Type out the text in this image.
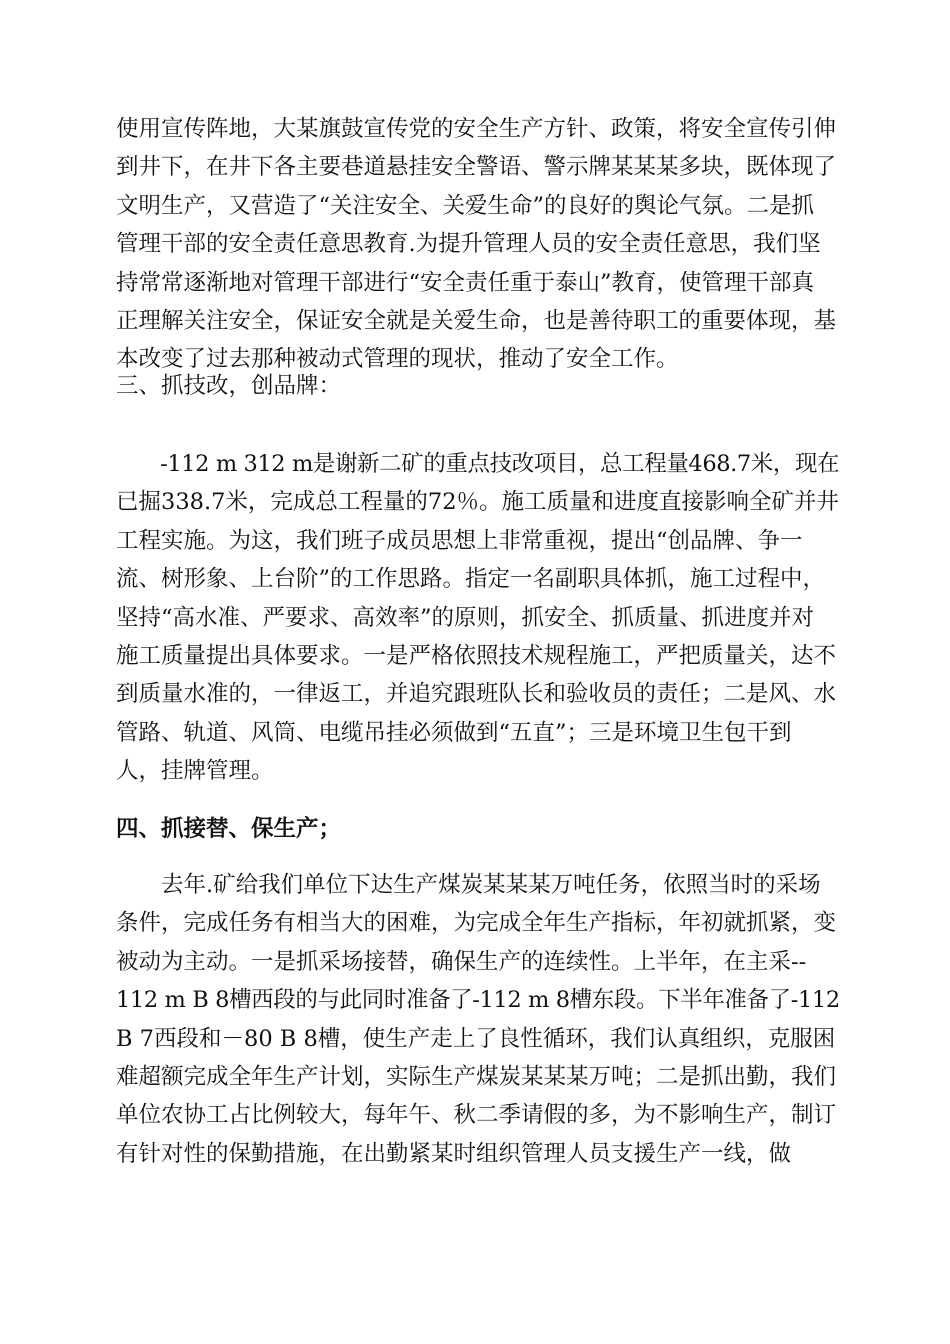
使用宣传阵地，大某旗鼓宣传党的安全生产方针、政策，将安全宣传引伸
到井下，在井下各主要巷道悬挂安全警语、警示牌某某某多块，既体现了
文明生产，又营造了“关注安全、关爱生命”的良好的舆论气氛。二是抓
管理干部的安全责任意思教育.为提升管理人员的安全责任意思，我们坚
持常常逐渐地对管理干部进行“安全责任重于泰山”教育，使管理干部真
正理解关注安全，保证安全就是关爱生命，也是善待职工的重要体现，基
本改变了过去那种被动式管理的现状，推动了安全工作。
三、抓技改，创品牌：
　　-112 m 312 m是谢新二矿的重点技改项目，总工程量468.7米，现在
已掘338.7米，完成总工程量的72％。施工质量和进度直接影响全矿并井
工程实施。为这，我们班子成员思想上非常重视，提出“创品牌、争一
流、树形象、上台阶”的工作思路。指定一名副职具体抓，施工过程中，
坚持“高水准、严要求、高效率”的原则，抓安全、抓质量、抓进度并对
施工质量提出具体要求。一是严格依照技术规程施工，严把质量关，达不
到质量水准的，一律返工，并追究跟班队长和验收员的责任；二是风、水
管路、轨道、风筒、电缆吊挂必须做到“五直”；三是环境卫生包干到
人，挂牌管理。
四、抓接替、保生产；
　　去年.矿给我们单位下达生产煤炭某某某万吨任务，依照当时的采场
条件，完成任务有相当大的困难，为完成全年生产指标，年初就抓紧，变
被动为主动。一是抓采场接替，确保生产的连续性。上半年，在主采--
112 m B 8槽西段的与此同时准备了-112 m 8槽东段。下半年准备了-112
B 7西段和－80 B 8槽，使生产走上了良性循环，我们认真组织，克服困
难超额完成全年生产计划，实际生产煤炭某某某万吨；二是抓出勤，我们
单位农协工占比例较大，每年午、秋二季请假的多，为不影响生产，制订
有针对性的保勤措施，在出勤紧某时组织管理人员支援生产一线，做
